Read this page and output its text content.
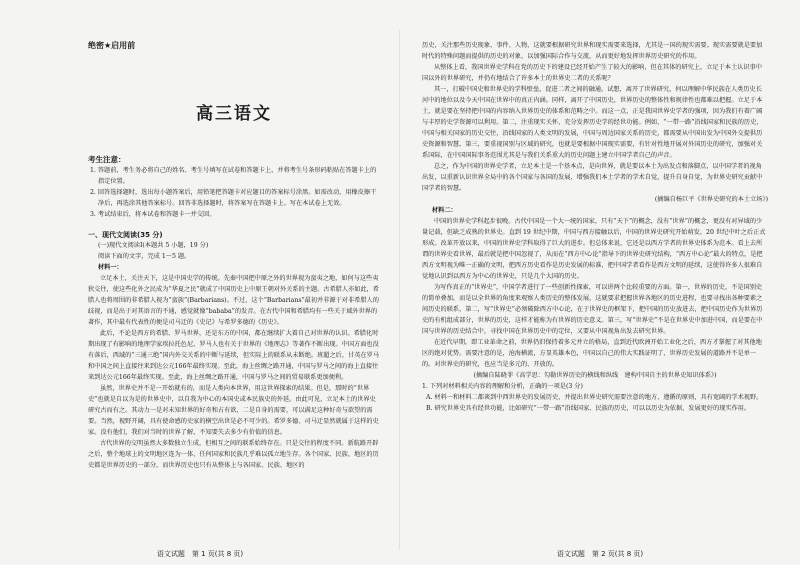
绝密★启用前
高三语文
考生注意：

1. 答题前，考生务必将自己的姓名、考生号填写在试卷和答题卡上，并将考生号条形码粘贴在答题卡上的指定位置。

2. 回答选择题时，选出每小题答案后，用铅笔把答题卡对应题目的答案标号涂黑。如需改动，用橡皮擦干净后，再选涂其他答案标号。回答非选择题时，将答案写在答题卡上。写在本试卷上无效。

3. 考试结束后，将本试卷和答题卡一并交回。

一、现代文阅读(35 分)

(一)现代文阅读Ⅰ(本题共 5 小题，19 分)

阅读下面的文字，完成 1～5 题。

材料一：

立足本土，关注天下，这是中国史学的传统。先秦中国把中原之外的世界视为蛮夷之地，如何与这些夷狄交往，使这些化外之民成为“华夏之民”就成了中国历史上中原王朝对外关系的主题。古希腊人亦如此，希腊人也将周围的非希腊人视为“蛮族”(Barbarians)。不过，这个“Barbarians”最初并非源于对非希腊人的歧视，而是出于对其语言的不通，感觉就像“bababa”的发音。在古代中国和希腊均有一些关于域外世界的著作，其中最有代表性的便是司马迁的《史记》与希罗多德的《历史》。

此后，不论是西方的希腊、罗马世界，还是东方的中国，都在继续扩大着自己对世界的认识。希腊化时期出现了有影响的地理学家埃拉托色尼，罗马人也有关于世界的《地理志》等著作不断出现。中国方面也没有落后，西域的“三通三绝”国内外交关系的中断与延续，但实际上的联系从未断绝。班超之后，甘英在罗马和中国之间上直接往来到达公元166年最终实现。至此，海上丝绸之路开通，中国与罗马之间的海上直接往来到达公元166年最终实现。至此，海上丝绸之路开通，中国与罗马之间的贸易联系更加便利。

虽然，世界史并不是一开始就有的，而是人类向本世界，用这世界探索的结果。但是，那时的“世界史”也就是自以为是的世界史中，以自我为中心的本国史或本民族史的外延。由此可见，立足本土的世界史研究古而有之。其动力一是对未知世界的好奇和占有欲，二是自身的需要，可以满足这种好奇与欲望的需要。当然，视野开阔，具有使命感的史家的横空出世是必不可少的。希罗多德、司马迁显然就属于这样的史家。没有他们，我们对当时的世界了解，不知要失去多少有价值的信息。

古代世界的交明虽然大多数独立生成，但相互之间的联系始终存在。只是交往的程度不同。新航路开辟之后，整个地球上的文明地区连为一体，任何国家和民族几乎难以孤立地生存。各个国家、民族、地区的历史都是世界历史的一部分，而世界历史也只有从整体上与各国家、民族、地区的

语文试题　第 1 页(共 8 页)

历史，关注那些历史现象、事件、人物，这就要根据研究世界和现实需要来选择，尤其是一国的现实需要。现实需要就是要加时代的特殊问题而提供的历史的对象，以加强国际合作与交流，从而更好地发挥世界历史研究的作用。

从整体上看，我国世界史学科在党的历史下的建设已经开始产生了较大的影响，但在其体的研究上，立足于本土认识事中国以外的世界研究，并仍有地结合了许多本土的世界史二者的关系呢？

其一，打破中国史和世界史的学科壁垒，促进二者之间的融通。试想，离开了世界研究，何以理解中华民族在人类历史长河中的地位以及今天中国在世界中的真正内涵。同样，离开了中国历史，世界历史的整体性和规律性也都难以把握。立足于本土，就是要在坚持把中国的内容纳入世界历史的体系和范畴之中。而这一点，正是我国世界史学者的强项，因为我们有着广阔与丰厚的史学资源可以利用。第二，注重现实关怀，充分发挥历史学的经世功能。例如，“一带一路”沿线国家和民族的历史，中国与相关国家的历史交往，沿线国家的人类文明的发展，中国与周边国家关系的历史，都需要从中国出发为中国外交提供历史资源和智慧。第三，要重视国别与区域的研究，也就是要根据中国现实需要，有针对性地开展对外国历史的研究，加强对关系国际，在中国国际事务范围尤其是与我们关系重大的历史问题上建立中国学者自己的声音。

总之，作为中国的世界史学者，立足本土是一个基本点，是向世界，就是要以本土为出发点和落脚点，以中国学者的视角出发，以重新认识世界全局中的各个国家与各国的发展，增强我们本土学者的学术自觉，提升自身自觉，为世界史研究贡献中国学者的智慧。

(摘编自杨巨平《世界史研究的本土立场》)

材料二：

中国的世界史学科起步很晚。古代中国是一个大一统的国家，只有“天下”的概念，没有“世界”的概念，更没有对异域的少量记载，但缺乏成熟的世界史。直到 19 世纪中期，中国与西方接触以后，中国的世界史研究开始萌发，20 世纪中叶之后正式形成。改革开放以来，中国的世界史学科取得了巨大的进步。但总体来说，它还是以西方学者的世界史体系为范本。看上去所谓的世界史看世界，最后就是把中国忽视了，从而在“西方中心论”指导下的世界史研究结构，“西方中心论”最大的特点，是把西方文明视为唯一正确的文明，把西方历史看作是历史发展的标准，把中国学者看作是西方文明的延续，这使得许多人很难自觉地认识到以西方为中心的世界史，只是几个大国的历史。

为写作真正的“世界史”，中国学者进行了一些创新性探索，可以讲两个比较重要的方面。第一，世界的历史，不是国别史的简单叠加，而是以全世界的角度来观察人类历史的整体发展，这就要求把握世界各地区的历史进程，也要寻找出各种要素之间历史的联系，第二，写“世界史”必须破除西方中心论，在于世界史的框架下，把中国的历史放进去，把中国历史作为世界历史的有机组成部分，世界的历史，这样才能称为有世界的历史意义。第三，写“世界史”不是在世界史中加进中国，而是要在中国与世界的历史结合中，寻找中国在世界历史中的定位，又要从中国视角出发去研究世界。

在近代早期，即工业革命之前，世界仍旧保持着多元并立的格局，直到近代欧洲开始工业化之后，西方才掌握了对其他地区的绝对优势。需要注意的是，沧海横流，方显英雄本色，中国以自己的伟大实践证明了，世界历史发展的道路并不是单一的。对世界史的研究，也应当是多元的、开放的。

(摘编自陆晓菲《高学思：勾勒世界历史的横线和纵线　建构中国自主的世界史知识体系》)

1. 下列对材料相关内容的理解和分析，正确的一项是(3 分)

A. 材料一和材料二都谈到中西世界史的发展历史，并提出世界史研究需要注意的地方、遵循的原则，具有宽阔的学术视野。

B. 研究世界史具有经世功能，比如研究“一带一路”沿线国家、民族的历史，可以以历史为依据，发展更好的现实作用。

语文试题　第 2 页(共 8 页)
